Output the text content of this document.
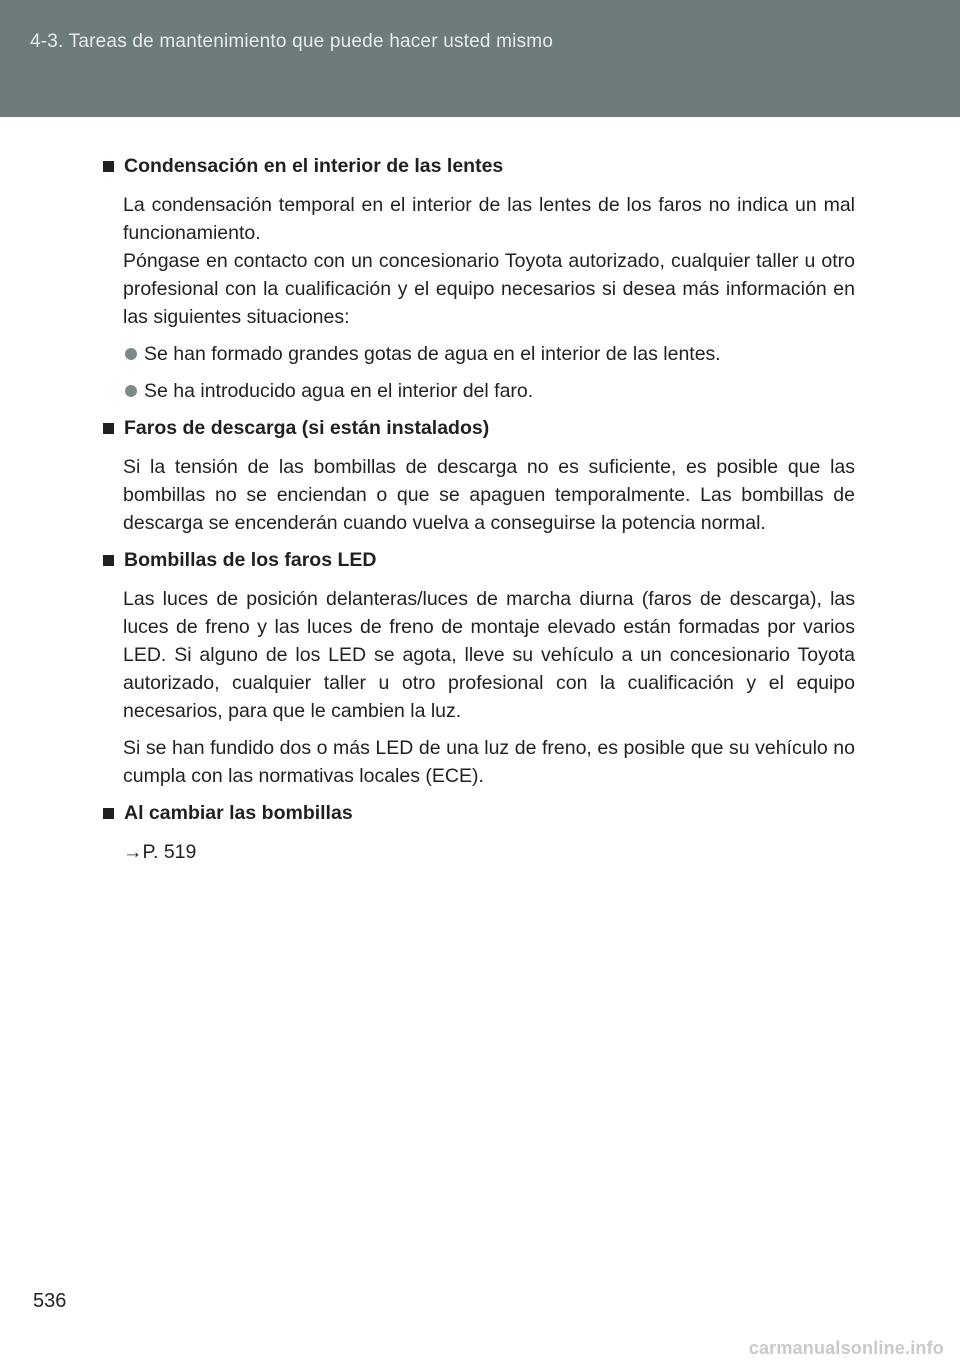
4-3. Tareas de mantenimiento que puede hacer usted mismo
Condensación en el interior de las lentes
La condensación temporal en el interior de las lentes de los faros no indica un mal funcionamiento.
Póngase en contacto con un concesionario Toyota autorizado, cualquier taller u otro profesional con la cualificación y el equipo necesarios si desea más información en las siguientes situaciones:
Se han formado grandes gotas de agua en el interior de las lentes.
Se ha introducido agua en el interior del faro.
Faros de descarga (si están instalados)
Si la tensión de las bombillas de descarga no es suficiente, es posible que las bombillas no se enciendan o que se apaguen temporalmente. Las bombillas de descarga se encenderán cuando vuelva a conseguirse la potencia normal.
Bombillas de los faros LED
Las luces de posición delanteras/luces de marcha diurna (faros de descarga), las luces de freno y las luces de freno de montaje elevado están formadas por varios LED. Si alguno de los LED se agota, lleve su vehículo a un concesionario Toyota autorizado, cualquier taller u otro profesional con la cualificación y el equipo necesarios, para que le cambien la luz.
Si se han fundido dos o más LED de una luz de freno, es posible que su vehículo no cumpla con las normativas locales (ECE).
Al cambiar las bombillas
→P. 519
536
carmanualsonline.info
